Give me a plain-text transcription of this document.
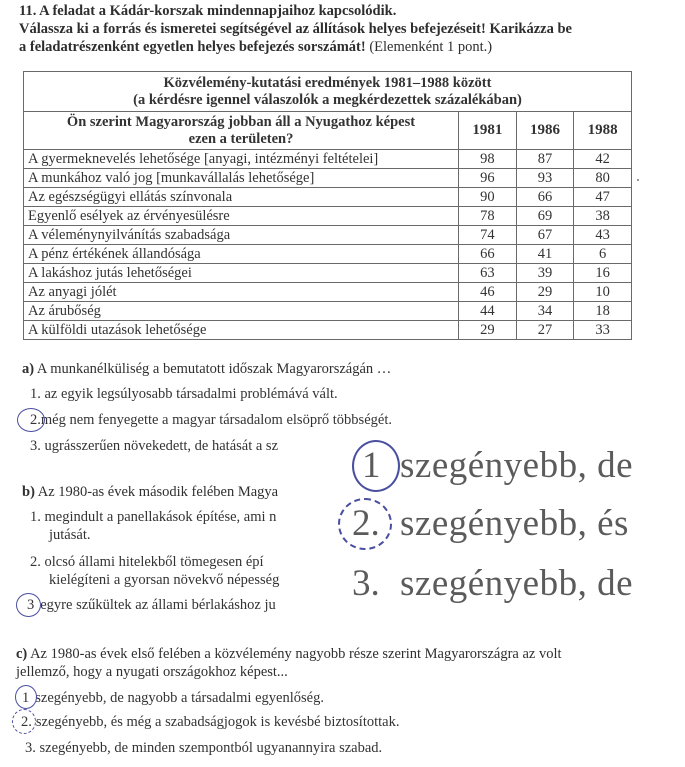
11. A feladat a Kádár-korszak mindennapjaihoz kapcsolódik.
Válassza ki a forrás és ismeretei segítségével az állítások helyes befejezéseit! Karikázza be
a feladatrészenként egyetlen helyes befejezés sorszámát! (Elemenként 1 pont.)
Közvélemény-kutatási eredmények 1981–1988 között
(a kérdésre igennel válaszolók a megkérdezettek százalékában)			

Ön szerint Magyarország jobban áll a Nyugathoz képest
ezen a területen?	1981	1986	1988
A gyermeknevelés lehetősége [anyagi, intézményi feltételei]	98	87	42
A munkához való jog [munkavállalás lehetősége]	96	93	80
Az egészségügyi ellátás színvonala	90	66	47
Egyenlő esélyek az érvényesülésre	78	69	38
A véleménynyilvánítás szabadsága	74	67	43
A pénz értékének állandósága	66	41	6
A lakáshoz jutás lehetőségei	63	39	16
Az anyagi jólét	46	29	10
Az árubőség	44	34	18
A külföldi utazások lehetősége	29	27	33
a) A munkanélküliség a bemutatott időszak Magyarországán …
1. az egyik legsúlyosabb társadalmi problémává vált.
2.még nem fenyegette a magyar társadalom elsöprő többségét.
3. ugrásszerűen növekedett, de hatását a sz
b) Az 1980-as évek második felében Magya
1. megindult a panellakások építése, ami n
jutását.
2. olcsó állami hitelekből tömegesen épí
kielégíteni a gyorsan növekvő népesség
3 egyre szűkültek az állami bérlakáshoz ju
1 szegényebb, de
2. szegényebb, és
3. szegényebb, de
c) Az 1980-as évek első felében a közvélemény nagyobb része szerint Magyarországra az volt
jellemző, hogy a nyugati országokhoz képest...
1 szegényebb, de nagyobb a társadalmi egyenlőség.
2. szegényebb, és még a szabadságjogok is kevésbé biztosítottak.
3. szegényebb, de minden szempontból ugyanannyira szabad.
